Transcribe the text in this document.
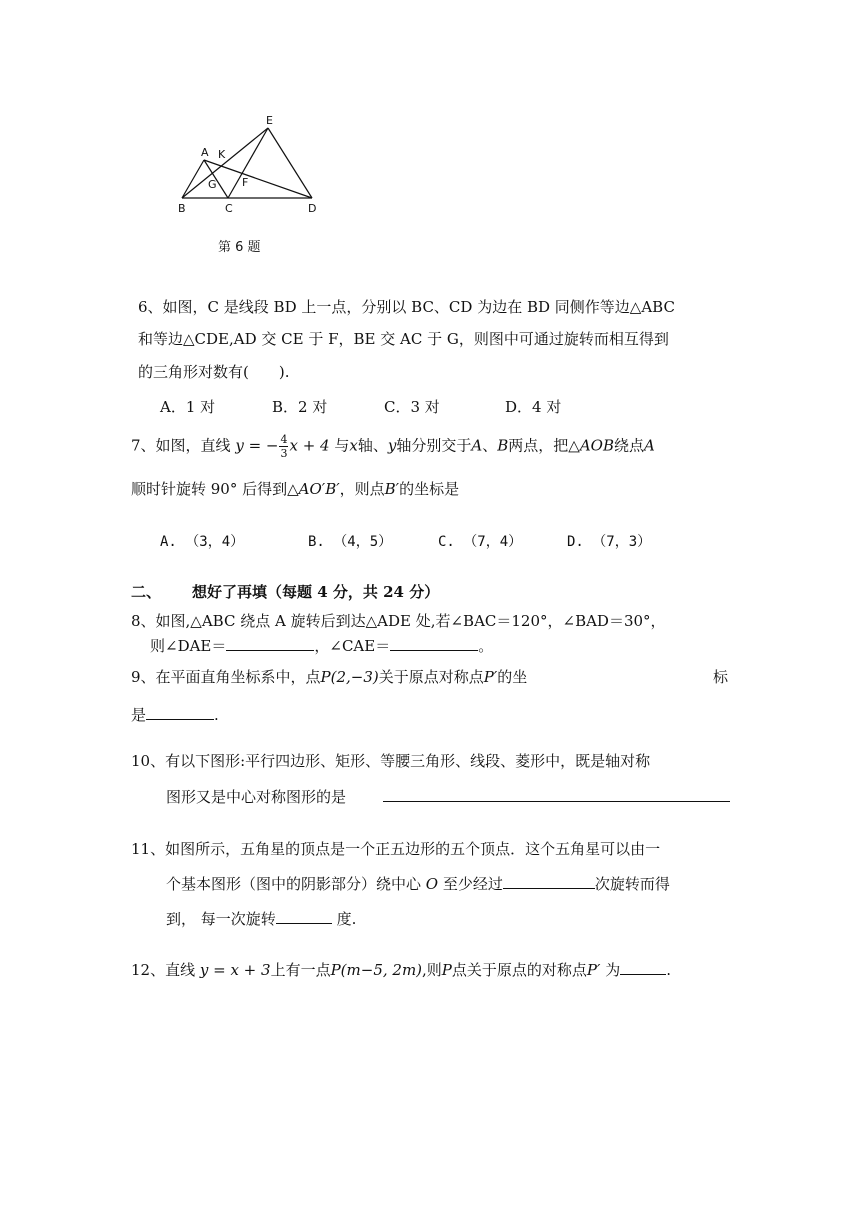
E
A K
G F
B	C	D
第 6 题
6、如图，C 是线段 BD 上一点，分别以 BC、CD 为边在 BD 同侧作等边△ABC
和等边△CDE,AD 交 CE 于 F，BE 交 AC 于 G，则图中可通过旋转而相互得到
的三角形对数有(　　).
A．1 对	B．2 对	C．3 对	D．4 对
7、如图，直线 y = − $\frac{4}{3}$ x + 4 与x轴、y轴分别交于A、B两点，把△AOB绕点A
顺时针旋转 90° 后得到△AO′B′，则点B′的坐标是
A. （3，4）	B. （4，5）	C. （7，4）	D. （7，3）
二、 想好了再填（每题 4 分，共 24 分）
8、如图,△ABC 绕点 A 旋转后到达△ADE 处,若∠BAC＝120°，∠BAD＝30°，
则∠DAE＝	，∠CAE＝	。
9、在平面直角坐标系中，点P(2,−3)关于原点对称点P′的坐	标
是	.
10、有以下图形:平行四边形、矩形、等腰三角形、线段、菱形中，既是轴对称
图形又是中心对称图形的是
11、如图所示，五角星的顶点是一个正五边形的五个顶点．这个五角星可以由一
个基本图形（图中的阴影部分）绕中心 O 至少经过	次旋转而得
到， 每一次旋转	度.
12、直线 y = x + 3上有一点P(m−5, 2m),则P点关于原点的对称点P′ 为	.
